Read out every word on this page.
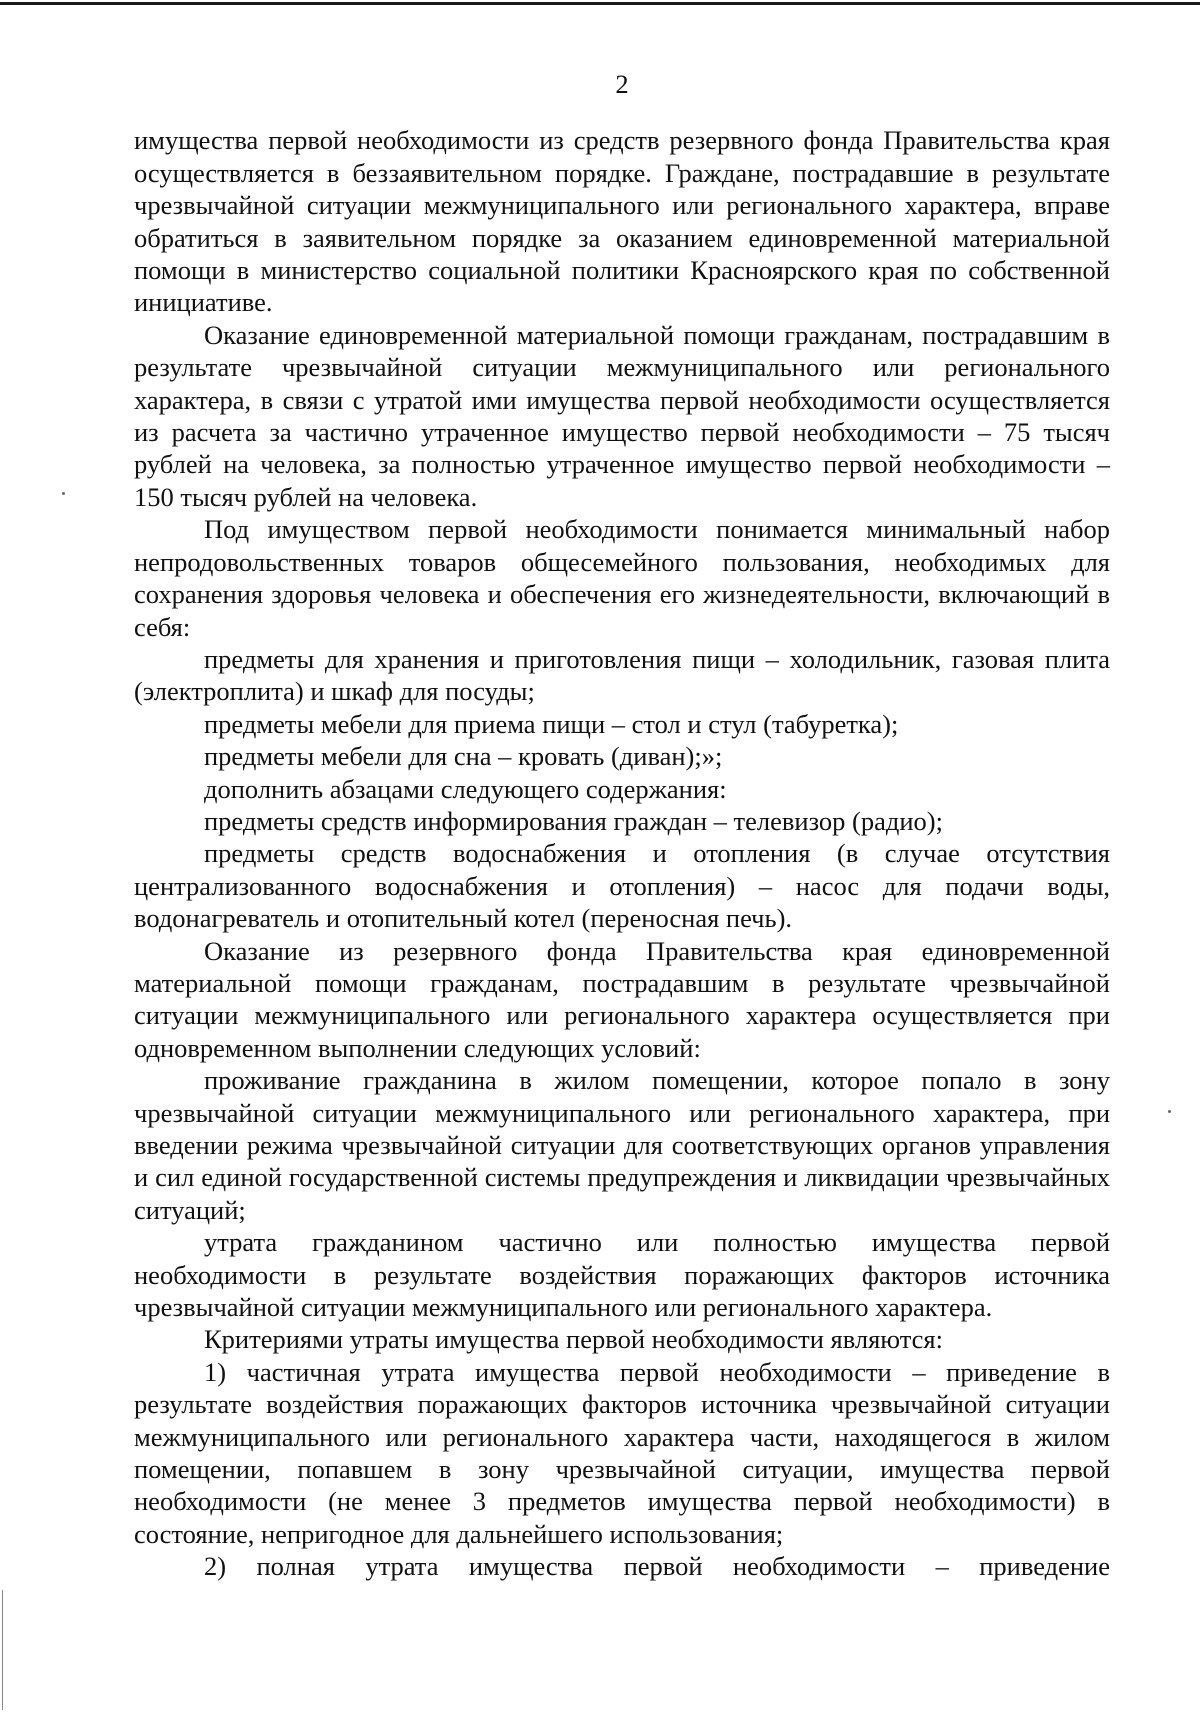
2

имущества первой необходимости из средств резервного фонда Правительства края осуществляется в беззаявительном порядке. Граждане, пострадавшие в результате чрезвычайной ситуации межмуниципального или регионального характера, вправе обратиться в заявительном порядке за оказанием единовременной материальной помощи в министерство социальной политики Красноярского края по собственной инициативе.

Оказание единовременной материальной помощи гражданам, пострадавшим в результате чрезвычайной ситуации межмуниципального или регионального характера, в связи с утратой ими имущества первой необходимости осуществляется из расчета за частично утраченное имущество первой необходимости – 75 тысяч рублей на человека, за полностью утраченное имущество первой необходимости – 150 тысяч рублей на человека.

Под имуществом первой необходимости понимается минимальный набор непродовольственных товаров общесемейного пользования, необходимых для сохранения здоровья человека и обеспечения его жизнедеятельности, включающий в себя:

предметы для хранения и приготовления пищи – холодильник, газовая плита (электроплита) и шкаф для посуды;

предметы мебели для приема пищи – стол и стул (табуретка);

предметы мебели для сна – кровать (диван);»;

дополнить абзацами следующего содержания:

предметы средств информирования граждан – телевизор (радио);

предметы средств водоснабжения и отопления (в случае отсутствия централизованного водоснабжения и отопления) – насос для подачи воды, водонагреватель и отопительный котел (переносная печь).

Оказание из резервного фонда Правительства края единовременной материальной помощи гражданам, пострадавшим в результате чрезвычайной ситуации межмуниципального или регионального характера осуществляется при одновременном выполнении следующих условий:

проживание гражданина в жилом помещении, которое попало в зону чрезвычайной ситуации межмуниципального или регионального характера, при введении режима чрезвычайной ситуации для соответствующих органов управления и сил единой государственной системы предупреждения и ликвидации чрезвычайных ситуаций;

утрата гражданином частично или полностью имущества первой необходимости в результате воздействия поражающих факторов источника чрезвычайной ситуации межмуниципального или регионального характера.

Критериями утраты имущества первой необходимости являются:

1) частичная утрата имущества первой необходимости – приведение в результате воздействия поражающих факторов источника чрезвычайной ситуации межмуниципального или регионального характера части, находящегося в жилом помещении, попавшем в зону чрезвычайной ситуации, имущества первой необходимости (не менее 3 предметов имущества первой необходимости) в состояние, непригодное для дальнейшего использования;

2) полная утрата имущества первой необходимости – приведение
